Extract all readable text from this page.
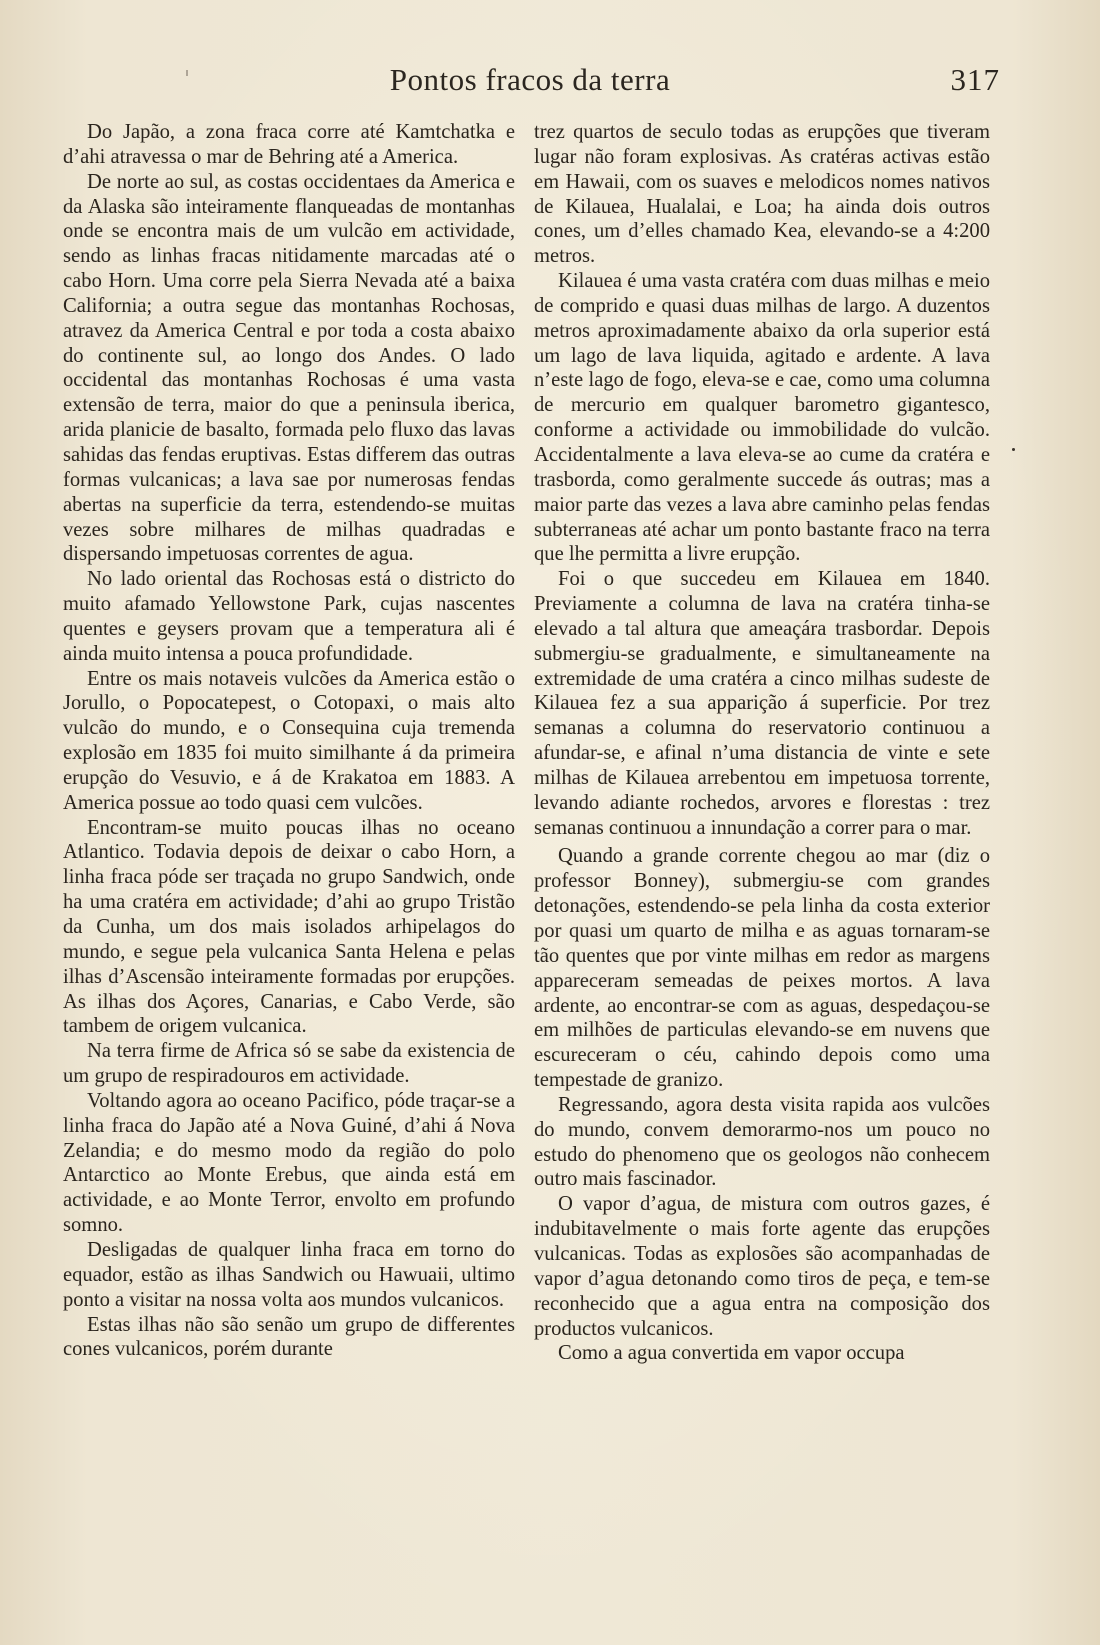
Pontos fracos da terra	317

Do Japão, a zona fraca corre até Kamtchatka e d’ahi atravessa o mar de Behring até a America.

De norte ao sul, as costas occidentaes da America e da Alaska são inteiramente flanqueadas de montanhas onde se encontra mais de um vulcão em actividade, sendo as linhas fracas nitidamente marcadas até o cabo Horn. Uma corre pela Sierra Nevada até a baixa California; a outra segue das montanhas Rochosas, atravez da America Central e por toda a costa abaixo do continente sul, ao longo dos Andes. O lado occidental das montanhas Rochosas é uma vasta extensão de terra, maior do que a peninsula iberica, arida planicie de basalto, formada pelo fluxo das lavas sahidas das fendas eruptivas. Estas differem das outras formas vulcanicas; a lava sae por numerosas fendas abertas na superficie da terra, estendendo-se muitas vezes sobre milhares de milhas quadradas e dispersando impetuosas correntes de agua.

No lado oriental das Rochosas está o districto do muito afamado Yellowstone Park, cujas nascentes quentes e geysers provam que a temperatura ali é ainda muito intensa a pouca profundidade.

Entre os mais notaveis vulcões da America estão o Jorullo, o Popocatepest, o Cotopaxi, o mais alto vulcão do mundo, e o Consequina cuja tremenda explosão em 1835 foi muito similhante á da primeira erupção do Vesuvio, e á de Krakatoa em 1883. A America possue ao todo quasi cem vulcões.

Encontram-se muito poucas ilhas no oceano Atlantico. Todavia depois de deixar o cabo Horn, a linha fraca póde ser traçada no grupo Sandwich, onde ha uma cratéra em actividade; d’ahi ao grupo Tristão da Cunha, um dos mais isolados arhipelagos do mundo, e segue pela vulcanica Santa Helena e pelas ilhas d’Ascensão inteiramente formadas por erupções. As ilhas dos Açores, Canarias, e Cabo Verde, são tambem de origem vulcanica.

Na terra firme de Africa só se sabe da existencia de um grupo de respiradouros em actividade.

Voltando agora ao oceano Pacifico, póde traçar-se a linha fraca do Japão até a Nova Guiné, d’ahi á Nova Zelandia; e do mesmo modo da região do polo Antarctico ao Monte Erebus, que ainda está em actividade, e ao Monte Terror, envolto em profundo somno.

Desligadas de qualquer linha fraca em torno do equador, estão as ilhas Sandwich ou Hawuaii, ultimo ponto a visitar na nossa volta aos mundos vulcanicos.

Estas ilhas não são senão um grupo de differentes cones vulcanicos, porém durante

trez quartos de seculo todas as erupções que tiveram lugar não foram explosivas. As cratéras activas estão em Hawaii, com os suaves e melodicos nomes nativos de Kilauea, Hualalai, e Loa; ha ainda dois outros cones, um d’elles chamado Kea, elevando-se a 4:200 metros.

Kilauea é uma vasta cratéra com duas milhas e meio de comprido e quasi duas milhas de largo. A duzentos metros aproximadamente abaixo da orla superior está um lago de lava liquida, agitado e ardente. A lava n’este lago de fogo, eleva-se e cae, como uma columna de mercurio em qualquer barometro gigantesco, conforme a actividade ou immobilidade do vulcão. Accidentalmente a lava eleva-se ao cume da cratéra e trasborda, como geralmente succede ás outras; mas a maior parte das vezes a lava abre caminho pelas fendas subterraneas até achar um ponto bastante fraco na terra que lhe permitta a livre erupção.

Foi o que succedeu em Kilauea em 1840. Previamente a columna de lava na cratéra tinha-se elevado a tal altura que ameaçára trasbordar. Depois submergiu-se gradualmente, e simultaneamente na extremidade de uma cratéra a cinco milhas sudeste de Kilauea fez a sua apparição á superficie. Por trez semanas a columna do reservatorio continuou a afundar-se, e afinal n’uma distancia de vinte e sete milhas de Kilauea arrebentou em impetuosa torrente, levando adiante rochedos, arvores e florestas : trez semanas continuou a innundação a correr para o mar.

Quando a grande corrente chegou ao mar (diz o professor Bonney), submergiu-se com grandes detonações, estendendo-se pela linha da costa exterior por quasi um quarto de milha e as aguas tornaram-se tão quentes que por vinte milhas em redor as margens appareceram semeadas de peixes mortos. A lava ardente, ao encontrar-se com as aguas, despedaçou-se em milhões de particulas elevando-se em nuvens que escureceram o céu, cahindo depois como uma tempestade de granizo.

Regressando, agora desta visita rapida aos vulcões do mundo, convem demorarmo-nos um pouco no estudo do phenomeno que os geologos não conhecem outro mais fascinador.

O vapor d’agua, de mistura com outros gazes, é indubitavelmente o mais forte agente das erupções vulcanicas. Todas as explosões são acompanhadas de vapor d’agua detonando como tiros de peça, e tem-se reconhecido que a agua entra na composição dos productos vulcanicos.

Como a agua convertida em vapor occupa
